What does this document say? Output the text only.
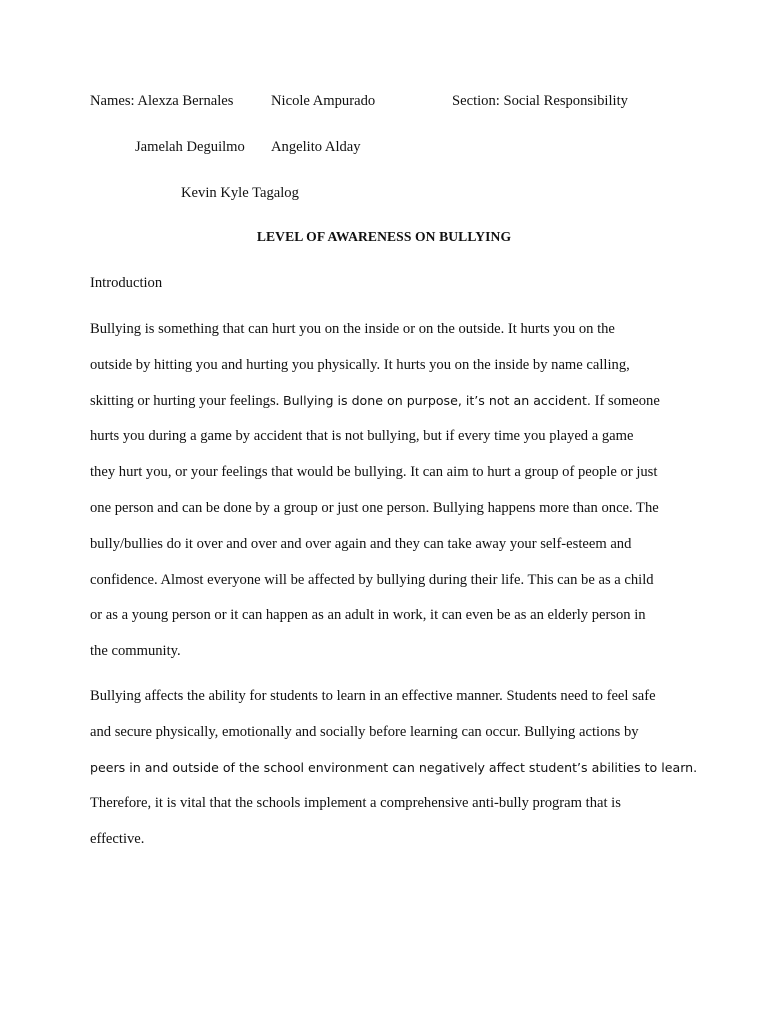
Names: Alexza Bernales	Nicole Ampurado	Section: Social Responsibility
Jamelah Deguilmo Angelito Alday
Kevin Kyle Tagalog
LEVEL OF AWARENESS ON BULLYING
Introduction
Bullying is something that can hurt you on the inside or on the outside. It hurts you on the
outside by hitting you and hurting you physically. It hurts you on the inside by name calling,
skitting or hurting your feelings. Bullying is done on purpose, it’s not an accident. If someone
hurts you during a game by accident that is not bullying, but if every time you played a game
they hurt you, or your feelings that would be bullying. It can aim to hurt a group of people or just
one person and can be done by a group or just one person. Bullying happens more than once. The
bully/bullies do it over and over and over again and they can take away your self-esteem and
confidence. Almost everyone will be affected by bullying during their life. This can be as a child
or as a young person or it can happen as an adult in work, it can even be as an elderly person in
the community.
Bullying affects the ability for students to learn in an effective manner. Students need to feel safe
and secure physically, emotionally and socially before learning can occur. Bullying actions by
peers in and outside of the school environment can negatively affect student’s abilities to learn.
Therefore, it is vital that the schools implement a comprehensive anti-bully program that is
effective.
